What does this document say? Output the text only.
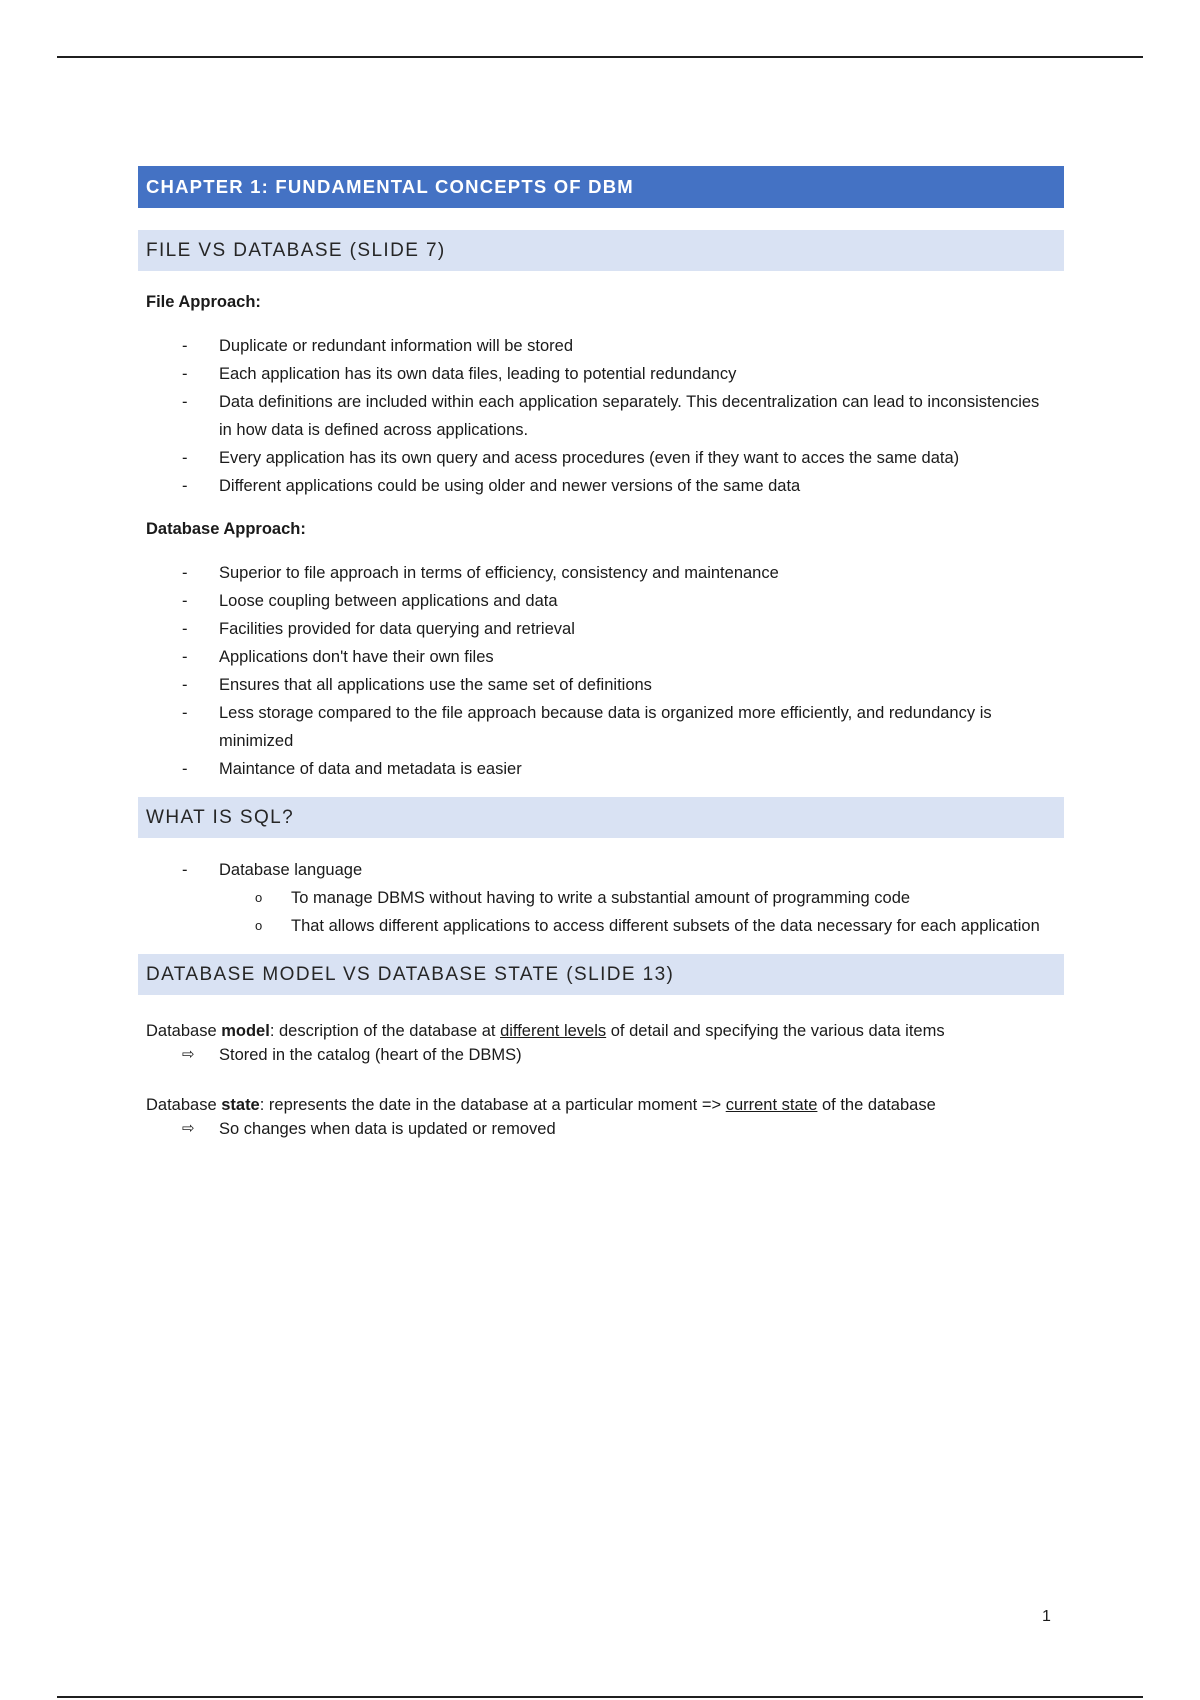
CHAPTER 1: FUNDAMENTAL CONCEPTS OF DBM
FILE VS DATABASE (SLIDE 7)
File Approach:
- Duplicate or redundant information will be stored
- Each application has its own data files, leading to potential redundancy
- Data definitions are included within each application separately. This decentralization can lead to inconsistencies in how data is defined across applications.
- Every application has its own query and acess procedures (even if they want to acces the same data)
- Different applications could be using older and newer versions of the same data
Database Approach:
- Superior to file approach in terms of efficiency, consistency and maintenance
- Loose coupling between applications and data
- Facilities provided for data querying and retrieval
- Applications don't have their own files
- Ensures that all applications use the same set of definitions
- Less storage compared to the file approach because data is organized more efficiently, and redundancy is minimized
- Maintance of data and metadata is easier
WHAT IS SQL?
- Database language
o To manage DBMS without having to write a substantial amount of programming code
o That allows different applications to access different subsets of the data necessary for each application
DATABASE MODEL VS DATABASE STATE (SLIDE 13)
Database model: description of the database at different levels of detail and specifying the various data items
⇨ Stored in the catalog (heart of the DBMS)
Database state: represents the date in the database at a particular moment => current state of the database
⇨ So changes when data is updated or removed
1
